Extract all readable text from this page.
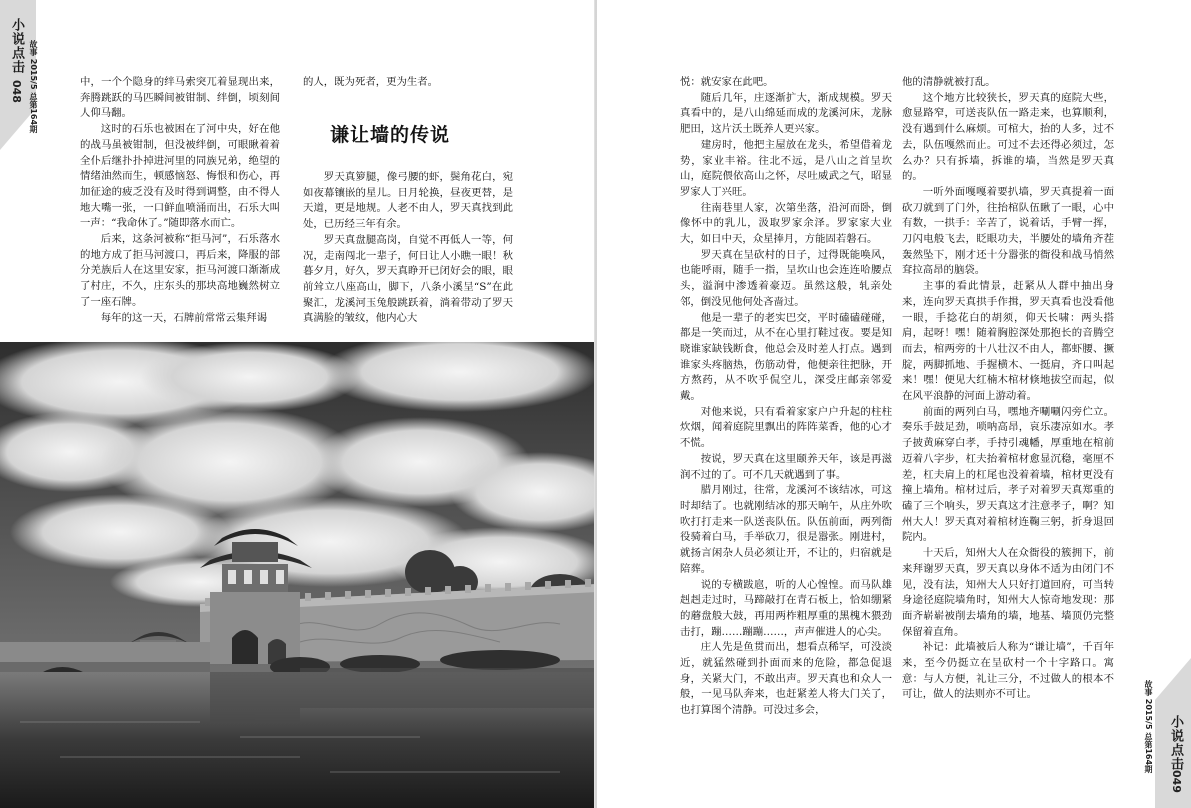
小说点击
048 故事 2015/5 总第164期	中，一个个隐身的绊马索突兀着显现出来，奔腾跳跃的马匹瞬间被钳制、绊倒，顷刻间人仰马翻。

这时的石乐也被困在了河中央，好在他的战马虽被钳制，但没被绊倒，可眼瞅着着全仆后继扑扑掉进河里的同族兄弟，绝望的情绪油然而生，顿感恼怒、悔恨和伤心，再加征途的疲乏没有及时得到调整，由不得人地大嘴一张，一口鲜血喷涌而出，石乐大叫一声：“我命休了。”随即落水而亡。

后来，这条河被称“拒马河”，石乐落水的地方成了拒马河渡口，再后来，降服的部分羌族后人在这里安家，拒马河渡口渐渐成了村庄，不久，庄东头的那块高地巍然树立了一座石牌。

每年的这一天，石牌前常常云集拜谒

的人，既为死者，更为生者。

谦让墙的传说

罗天真箩腿，像弓腰的虾，鬓角花白，宛如夜幕镶嵌的星儿。日月轮换，昼夜更替，是天道，更是地规。人老不由人，罗天真找到此处，已历经三年有余。

罗天真盘腿高岗，自觉不再低人一等，何况，走南闯北一辈子，何日让人小瞧一眼！秋暮夕月，好久，罗天真睁开已闭好会的眼，眼前耸立八座高山，脚下，八条小溪呈“S”在此聚汇，龙溪河玉兔般跳跃着，淌着带动了罗天真满脸的皱纹，他内心大

悦：就安家在此吧。

随后几年，庄逐渐扩大，渐成规模。罗天真看中的，是八山绵延而成的龙溪河床，龙脉肥田，这片沃土既养人更兴家。

建房时，他把主屋放在龙头，希望借着龙势，家业丰裕。往北不远，是八山之首呈坎山，庭院偎依高山之怀，尽吐威武之气，昭显罗家人丁兴旺。

往南巷里人家，次第坐落，沿河而卧，倒像怀中的乳儿，汲取罗家余泽。罗家家大业大，如日中天，众星捧月，方能固若磐石。

罗天真在呈砍村的日子，过得既能唤风，也能呼雨，随手一指，呈坎山也会连连哈腰点头，溢涧中渗透着豪迈。虽然这般，轧亲处邻，倒没见他何处吝啬过。

他是一辈子的老实巴交，平时磕磕碰碰，都是一笑而过，从不在心里打鞋过夜。要是知晓谁家缺钱断食，他总会及时差人打点。遇到谁家头疼脑热，伤筋动骨，他便亲往把脉，开方熬药，从不吹乎侃空儿，深受庄邮亲邻爱戴。

对他来说，只有看着家家户户升起的柱柱炊烟，闻着庭院里飘出的阵阵菜香，他的心才不慌。

按说，罗天真在这里颐养天年，该是再滋润不过的了。可不几天就遇到了事。

腊月刚过，往常，龙溪河不该结冰，可这时却结了。也就刚结冰的那天晌午，从庄外吹吹打打走来一队送丧队伍。队伍前面，两列衙役骑着白马，手举砍刀，很是嚣张。刚进村，就扬言闲杂人员必须让开，不让的，归宿就是陪葬。

说的专横跋扈，听的人心惶惶。而马队雄赳赳走过时，马蹄敲打在青石板上，恰如绷紧的蘑盘般大鼓，再用两柞粗厚重的黑槐木猥劲击打，蹦……蹦蹦……，声声催进人的心尖。

庄人先是鱼贯而出，想看点稀罕，可没淡近，就猛然碰到扑面而来的危险，都急促退身，关紧大门，不敢出声。罗天真也和众人一般，一见马队奔来，也赶紧差人将大门关了，也打算图个清静。可没过多会，

他的清静就被打乱。

这个地方比较狭长，罗天真的庭院大些，愈显路窄，可送丧队伍一路走来，也算顺利，没有遇到什么麻烦。可棺大，抬的人多，过不去，队伍嘎然而止。可过不去还得必须过，怎么办？只有拆墙，拆谁的墙，当然是罗天真的。

一听外面嘎嘎着要扒墙，罗天真提着一面砍刀就到了门外，往抬棺队伍瞅了一眼，心中有数，一拱手：辛苦了，说着话，手臂一挥，刀闪电般飞去，眨眼功夫，半腰处的墙角齐茬轰然坠下，刚才还十分嚣张的衙役和战马悄然耷拉高昂的脑袋。

主事的看此情景，赶紧从人群中抽出身来，连向罗天真拱手作揖，罗天真看也没看他一眼，手捻花白的胡须，仰天长啸：两头搭肩，起呀！嘿！随着胸腔深处那抱长的音腾空而去，棺两旁的十八壮汉不由人，都虾腰、撅腚，两脚抓地、手握横木、一挺肩，齐口叫起来！嘿！便见大红楠木棺材倏地拔空而起，似在风平浪静的河面上游动着。

前面的两列白马，嘿地齐唰唰闪旁伫立。奏乐手鼓足劲，唢呐高昂，哀乐凄凉如水。孝子披黄麻穿白孝，手持引魂幡，厚重地在棺前迈着八字步，杠夫抬着棺材愈显沉稳，毫厘不差，杠夫肩上的杠尾也没着着墙，棺材更没有撞上墙角。棺材过后，孝子对着罗天真郑重的磕了三个响头，罗天真这才注意孝子，啊？知州大人！罗天真对着棺材连鞠三躬，折身退回院内。

十天后，知州大人在众衙役的簇拥下，前来拜谢罗天真，罗天真以身体不适为由闭门不见，没有法，知州大人只好打道回府，可当转身途径庭院墙角时，知州大人惊奇地发现：那面齐崭崭被削去墙角的墙，地基、墙顶仍完整保留着直角。

补记：此墙被后人称为“谦让墙”，千百年来，至今仍挺立在呈砍村一个十字路口。寓意：与人方便，礼让三分，不过做人的根本不可让，做人的法则亦不可让。	故事 2015/5 总第164期 小说点击
049
